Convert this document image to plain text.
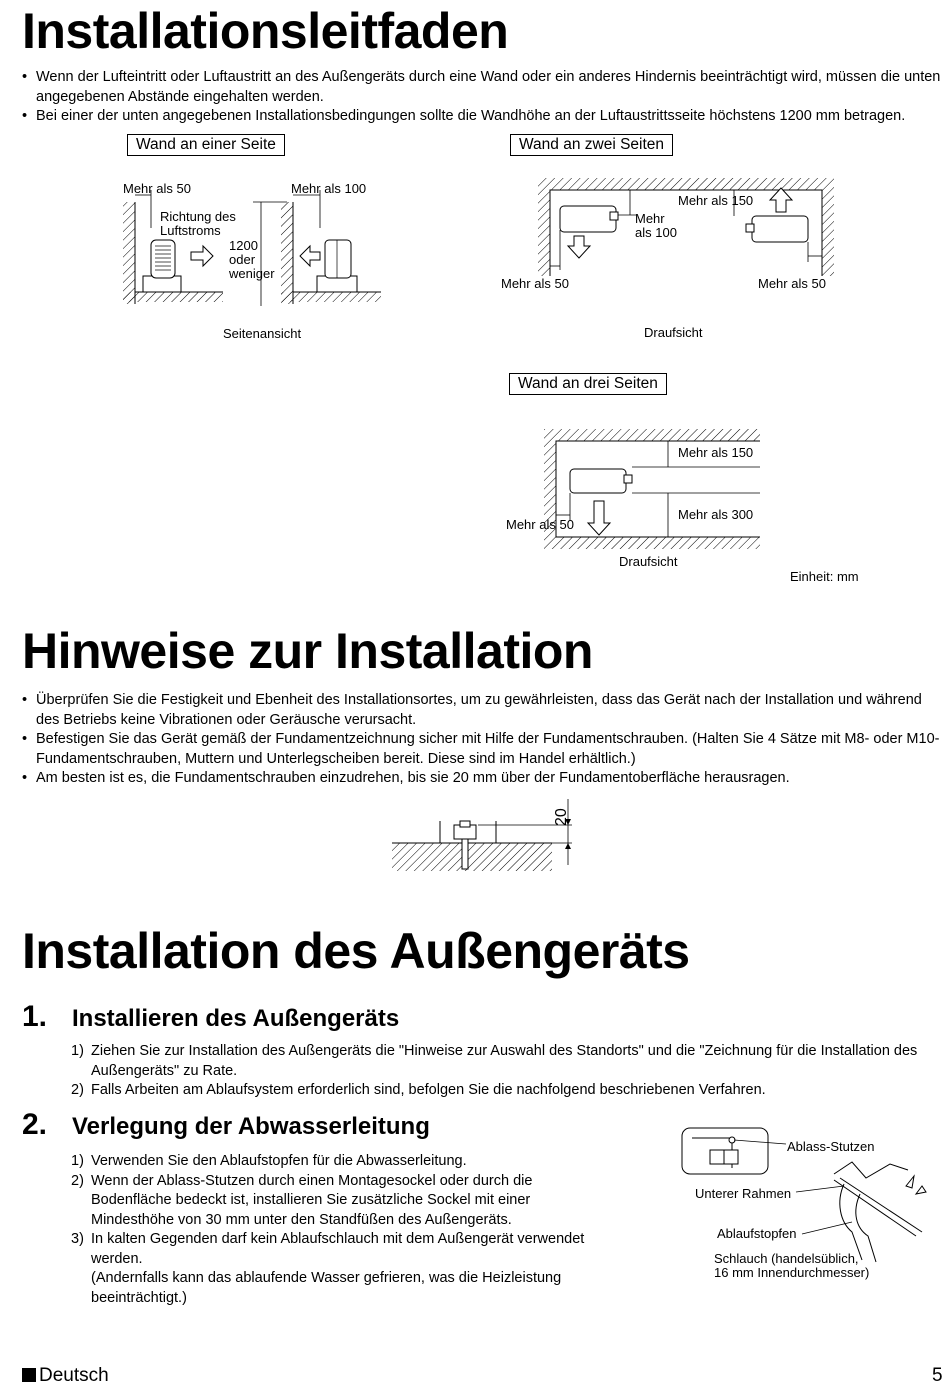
Installationsleitfaden
• Wenn der Lufteintritt oder Luftaustritt an des Außengeräts durch eine Wand oder ein anderes Hindernis beeinträchtigt wird, müssen die unten angegebenen Abstände eingehalten werden.
• Bei einer der unten angegebenen Installationsbedingungen sollte die Wandhöhe an der Luftaustrittsseite höchstens 1200 mm betragen.
Wand an einer Seite
Mehr als 50	Mehr als 100
Richtung des
Luftstroms
1200
oder
weniger
Seitenansicht
Wand an zwei Seiten
Mehr
als 100
Mehr als 150
Mehr als 50	Mehr als 50
Draufsicht
Wand an drei Seiten
Mehr als 150
Mehr als 300
Mehr als 50
Draufsicht
Einheit: mm
Hinweise zur Installation
• Überprüfen Sie die Festigkeit und Ebenheit des Installationsortes, um zu gewährleisten, dass das Gerät nach der Installation und während des Betriebs keine Vibrationen oder Geräusche verursacht.
• Befestigen Sie das Gerät gemäß der Fundamentzeichnung sicher mit Hilfe der Fundamentschrauben. (Halten Sie 4 Sätze mit M8- oder M10-Fundamentschrauben, Muttern und Unterlegscheiben bereit. Diese sind im Handel erhältlich.)
• Am besten ist es, die Fundamentschrauben einzudrehen, bis sie 20 mm über der Fundamentoberfläche herausragen.
20
Installation des Außengeräts
1. Installieren des Außengeräts
1) Ziehen Sie zur Installation des Außengeräts die "Hinweise zur Auswahl des Standorts" und die "Zeichnung für die Installation des Außengeräts" zu Rate.
2) Falls Arbeiten am Ablaufsystem erforderlich sind, befolgen Sie die nachfolgend beschriebenen Verfahren.
2. Verlegung der Abwasserleitung
1) Verwenden Sie den Ablaufstopfen für die Abwasserleitung.
2) Wenn der Ablass-Stutzen durch einen Montagesockel oder durch die Bodenfläche bedeckt ist, installieren Sie zusätzliche Sockel mit einer Mindesthöhe von 30 mm unter den Standfüßen des Außengeräts.
3) In kalten Gegenden darf kein Ablaufschlauch mit dem Außengerät verwendet werden.
(Andernfalls kann das ablaufende Wasser gefrieren, was die Heizleistung beeinträchtigt.)
Ablass-Stutzen
Unterer Rahmen
Ablaufstopfen
Schlauch (handelsüblich,
16 mm Innendurchmesser)
Deutsch	5
